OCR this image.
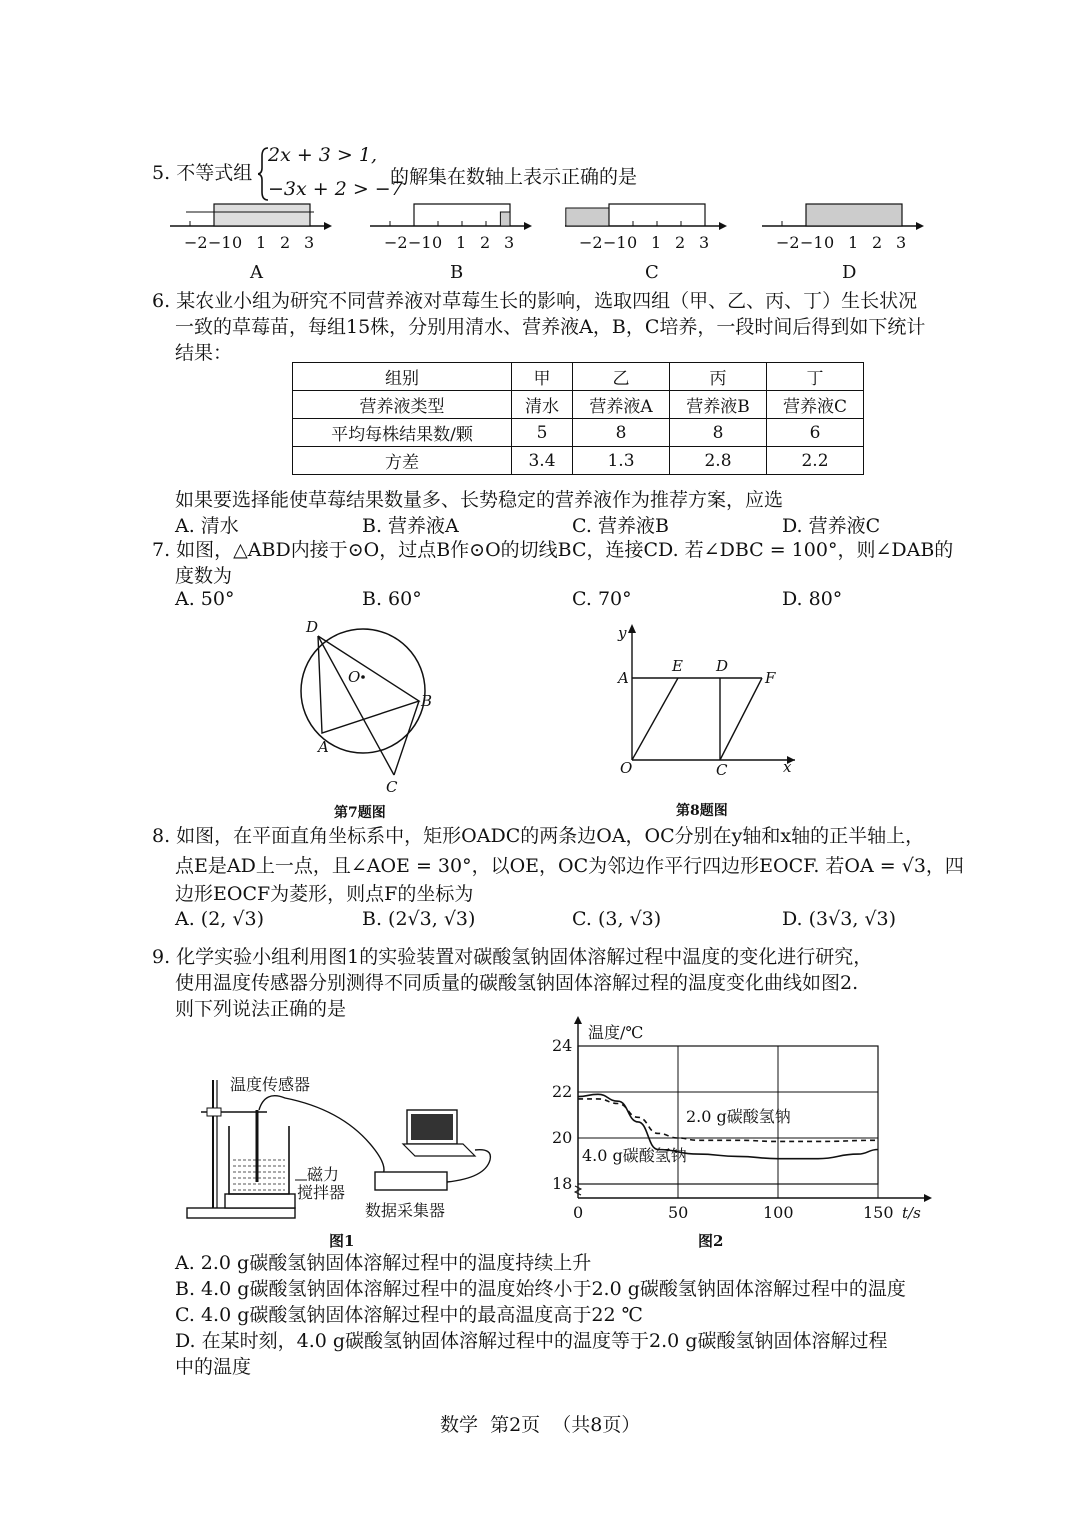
5. 不等式组
2x + 3 > 1,
−3x + 2 > −7
的解集在数轴上表示正确的是
−2 −1 0 1 2 3
A
−2 −1 0 1 2 3
B
−2 −1 0 1 2 3
C
−2 −1 0 1 2 3
D
6. 某农业小组为研究不同营养液对草莓生长的影响，选取四组（甲、乙、丙、丁）生长状况
一致的草莓苗，每组15株，分别用清水、营养液A，B，C培养，一段时间后得到如下统计
结果：
组别	甲	乙	丙	丁
营养液类型	清水	营养液A	营养液B	营养液C
平均每株结果数/颗	5	8	8	6
方差	3.4	1.3	2.8	2.2
如果要选择能使草莓结果数量多、长势稳定的营养液作为推荐方案，应选
A. 清水	B. 营养液A	C. 营养液B	D. 营养液C
7. 如图，△ABD内接于⊙O，过点B作⊙O的切线BC，连接CD. 若∠DBC = 100°，则∠DAB的
度数为
A. 50°	B. 60°	C. 70°	D. 80°
D
O
B
A
C
第7题图
y
x
A
E D
F
O	C
第8题图
8. 如图，在平面直角坐标系中，矩形OADC的两条边OA，OC分别在y轴和x轴的正半轴上，
点E是AD上一点，且∠AOE = 30°，以OE，OC为邻边作平行四边形EOCF. 若OA = √3，四
边形EOCF为菱形，则点F的坐标为
A. (2, √3)	B. (2√3, √3)	C. (3, √3)	D. (3√3, √3)
9. 化学实验小组利用图1的实验装置对碳酸氢钠固体溶解过程中温度的变化进行研究，
使用温度传感器分别测得不同质量的碳酸氢钠固体溶解过程的温度变化曲线如图2.
则下列说法正确的是
温度传感器
磁力
搅拌器
数据采集器
图1
温度/℃
t/s
图2
18
20
22
24
0	50	100	150
2.0 g碳酸氢钠
4.0 g碳酸氢钠
A. 2.0 g碳酸氢钠固体溶解过程中的温度持续上升
B. 4.0 g碳酸氢钠固体溶解过程中的温度始终小于2.0 g碳酸氢钠固体溶解过程中的温度
C. 4.0 g碳酸氢钠固体溶解过程中的最高温度高于22 ℃
D. 在某时刻，4.0 g碳酸氢钠固体溶解过程中的温度等于2.0 g碳酸氢钠固体溶解过程
中的温度
数学  第2页  （共8页）
